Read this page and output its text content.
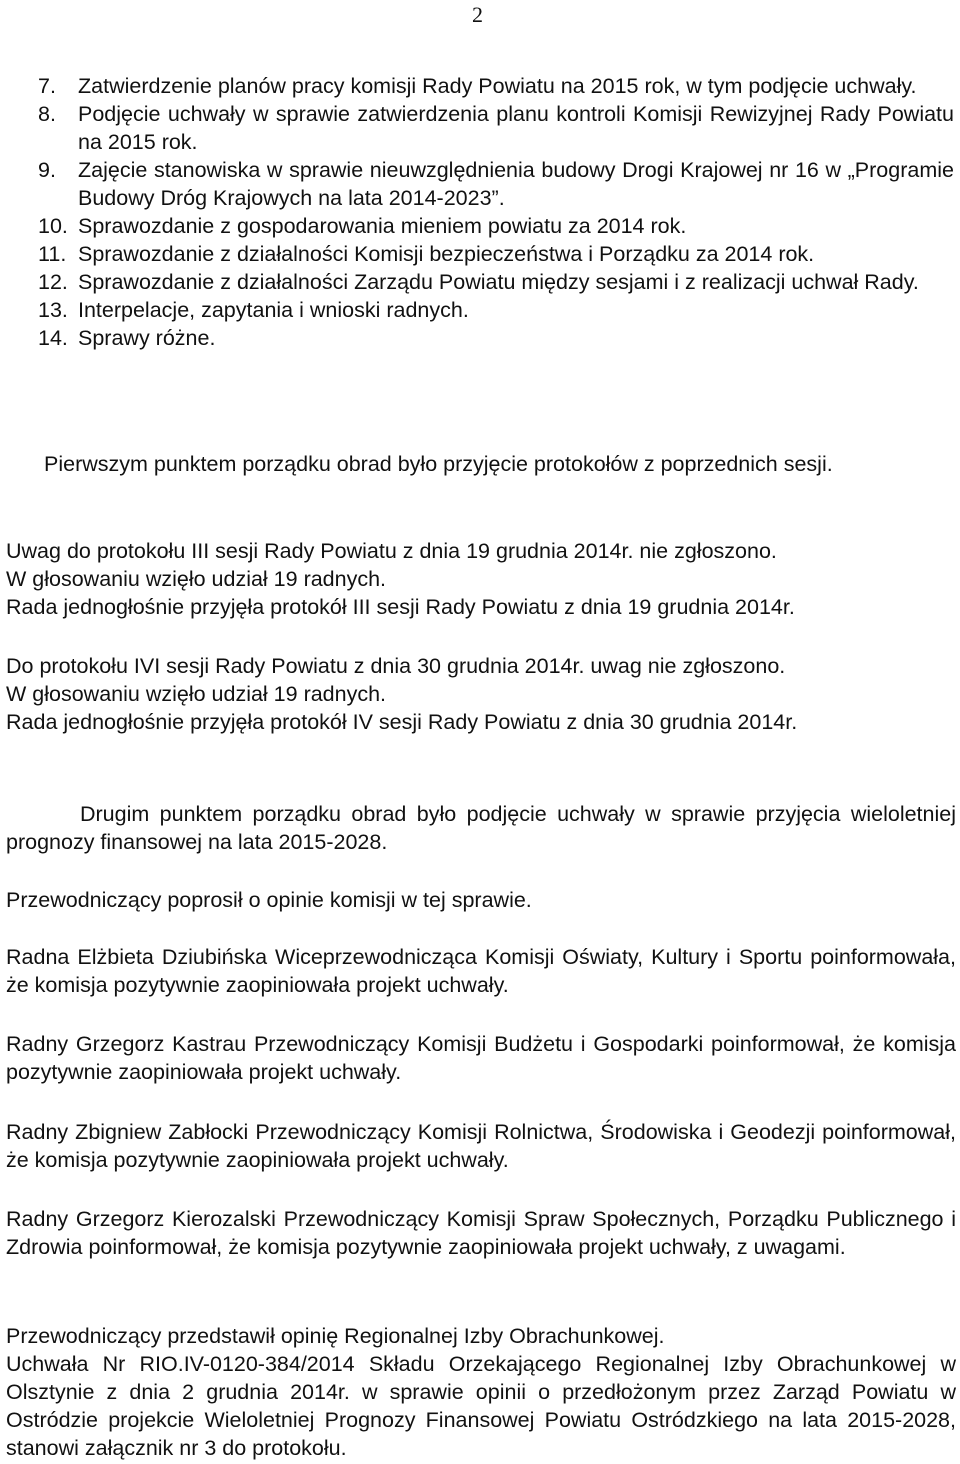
2
7.	Zatwierdzenie planów pracy komisji Rady Powiatu na 2015 rok, w tym podjęcie uchwały.
8.	Podjęcie uchwały w sprawie zatwierdzenia planu kontroli Komisji Rewizyjnej Rady Powiatu na 2015 rok.
9.	Zajęcie stanowiska w sprawie nieuwzględnienia budowy Drogi Krajowej nr 16 w „Programie Budowy Dróg Krajowych na lata 2014-2023”.
10. Sprawozdanie z gospodarowania mieniem powiatu za 2014 rok.
11. Sprawozdanie z działalności Komisji bezpieczeństwa i Porządku za 2014 rok.
12. Sprawozdanie z działalności Zarządu Powiatu między sesjami i z realizacji uchwał Rady.
13. Interpelacje, zapytania i wnioski radnych.
14. Sprawy różne.

Pierwszym punktem porządku obrad było przyjęcie protokołów z poprzednich sesji.

Uwag do protokołu III sesji Rady Powiatu z dnia 19 grudnia 2014r. nie zgłoszono.
W głosowaniu wzięło udział 19 radnych.
Rada jednogłośnie przyjęła protokół III sesji Rady Powiatu z dnia 19 grudnia 2014r.

Do protokołu IVI sesji Rady Powiatu z dnia 30 grudnia 2014r. uwag nie zgłoszono.
W głosowaniu wzięło udział 19 radnych.
Rada jednogłośnie przyjęła protokół IV sesji Rady Powiatu z dnia 30 grudnia 2014r.

Drugim punktem porządku obrad było podjęcie uchwały w sprawie przyjęcia wieloletniej prognozy finansowej na lata 2015-2028.

Przewodniczący poprosił o opinie komisji w tej sprawie.

Radna Elżbieta Dziubińska Wiceprzewodnicząca Komisji Oświaty, Kultury i Sportu poinformowała, że komisja pozytywnie zaopiniowała projekt uchwały.

Radny Grzegorz Kastrau Przewodniczący Komisji Budżetu i Gospodarki poinformował, że komisja pozytywnie zaopiniowała projekt uchwały.

Radny Zbigniew Zabłocki Przewodniczący Komisji Rolnictwa, Środowiska i Geodezji poinformował, że komisja pozytywnie zaopiniowała projekt uchwały.

Radny Grzegorz Kierozalski Przewodniczący Komisji Spraw Społecznych, Porządku Publicznego i Zdrowia poinformował, że komisja pozytywnie zaopiniowała projekt uchwały, z uwagami.

Przewodniczący przedstawił opinię Regionalnej Izby Obrachunkowej.
Uchwała Nr RIO.IV-0120-384/2014 Składu Orzekającego Regionalnej Izby Obrachunkowej w Olsztynie z dnia 2 grudnia 2014r. w sprawie opinii o przedłożonym przez Zarząd Powiatu w Ostródzie projekcie Wieloletniej Prognozy Finansowej Powiatu Ostródzkiego na lata 2015-2028, stanowi załącznik nr 3 do protokołu.
